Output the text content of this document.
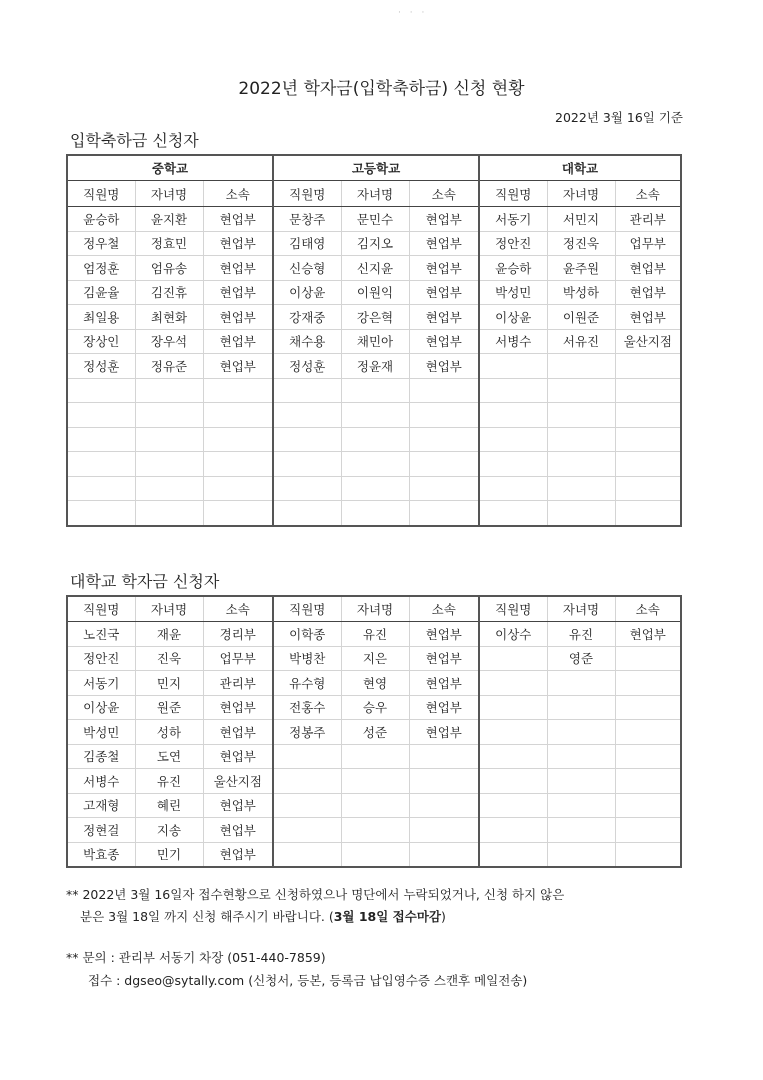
· · ·
2022년 학자금(입학축하금) 신청 현황
2022년 3월 16일 기준
입학축하금 신청자
중학교			고등학교			대학교		
직원명	자녀명	소속	직원명	자녀명	소속	직원명	자녀명	소속
윤승하	윤지환	현업부	문창주	문민수	현업부	서동기	서민지	관리부
정우철	정효민	현업부	김태영	김지오	현업부	정안진	정진욱	업무부
엄정훈	엄유송	현업부	신승형	신지윤	현업부	윤승하	윤주원	현업부
김윤율	김진휴	현업부	이상윤	이원익	현업부	박성민	박성하	현업부
최일용	최현화	현업부	강재중	강은혁	현업부	이상윤	이원준	현업부
장상인	장우석	현업부	채수용	채민아	현업부	서병수	서유진	울산지점
정성훈	정유준	현업부	정성훈	정윤재	현업부			

대학교 학자금 신청자
직원명	자녀명	소속	직원명	자녀명	소속	직원명	자녀명	소속
노진국	재윤	경리부	이학종	유진	현업부	이상수	유진	현업부
정안진	진욱	업무부	박병찬	지은	현업부		영준	
서동기	민지	관리부	유수형	현영	현업부			
이상윤	원준	현업부	전홍수	승우	현업부			
박성민	성하	현업부	정봉주	성준	현업부			
김종철	도연	현업부						
서병수	유진	울산지점						
고재형	혜린	현업부						
정현걸	지송	현업부						
박효종	민기	현업부						
** 2022년 3월 16일자 접수현황으로 신청하였으나 명단에서 누락되었거나, 신청 하지 않은
분은 3월 18일 까지 신청 해주시기 바랍니다. (3월 18일 접수마감)
** 문의 : 관리부 서동기 차장 (051-440-7859)
접수 : dgseo@sytally.com (신청서, 등본, 등록금 납입영수증 스캔후 메일전송)
